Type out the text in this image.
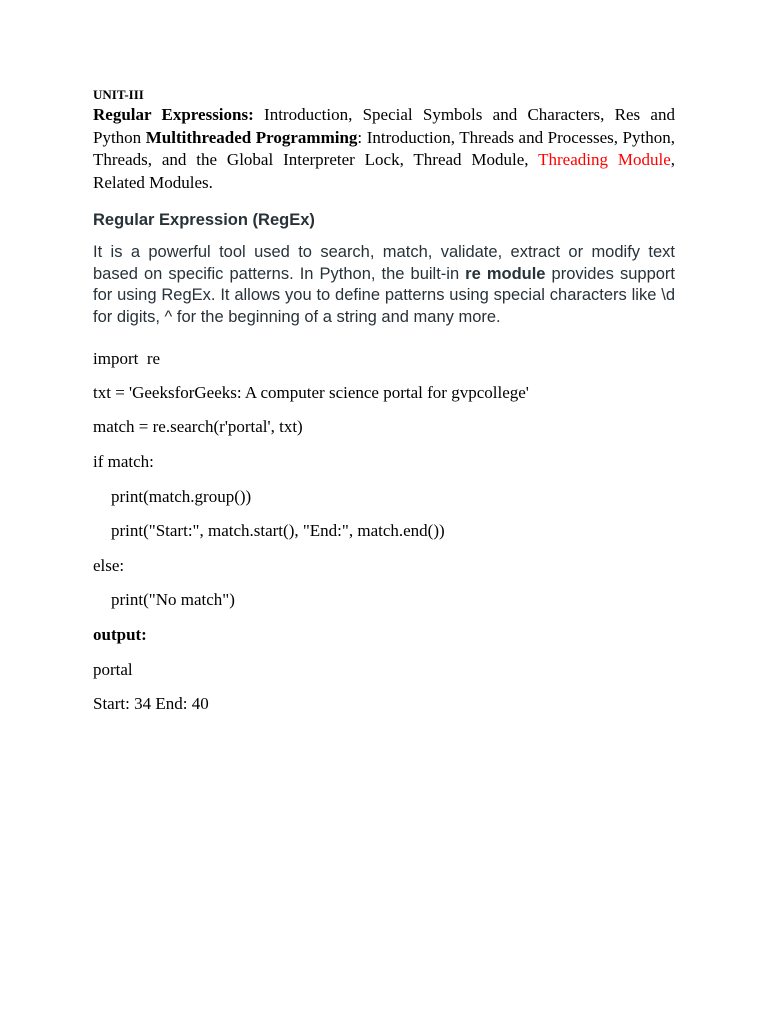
UNIT-III

Regular Expressions: Introduction, Special Symbols and Characters, Res and Python Multithreaded Programming: Introduction, Threads and Processes, Python, Threads, and the Global Interpreter Lock, Thread Module, Threading Module, Related Modules.

Regular Expression (RegEx)

It is a powerful tool used to search, match, validate, extract or modify text based on specific patterns. In Python, the built-in re module provides support for using RegEx. It allows you to define patterns using special characters like \d for digits, ^ for the beginning of a string and many more.

import  re

txt = 'GeeksforGeeks: A computer science portal for gvpcollege'

match = re.search(r'portal', txt)

if match:

print(match.group())

print("Start:", match.start(), "End:", match.end())

else:

print("No match")

output:

portal

Start: 34 End: 40
